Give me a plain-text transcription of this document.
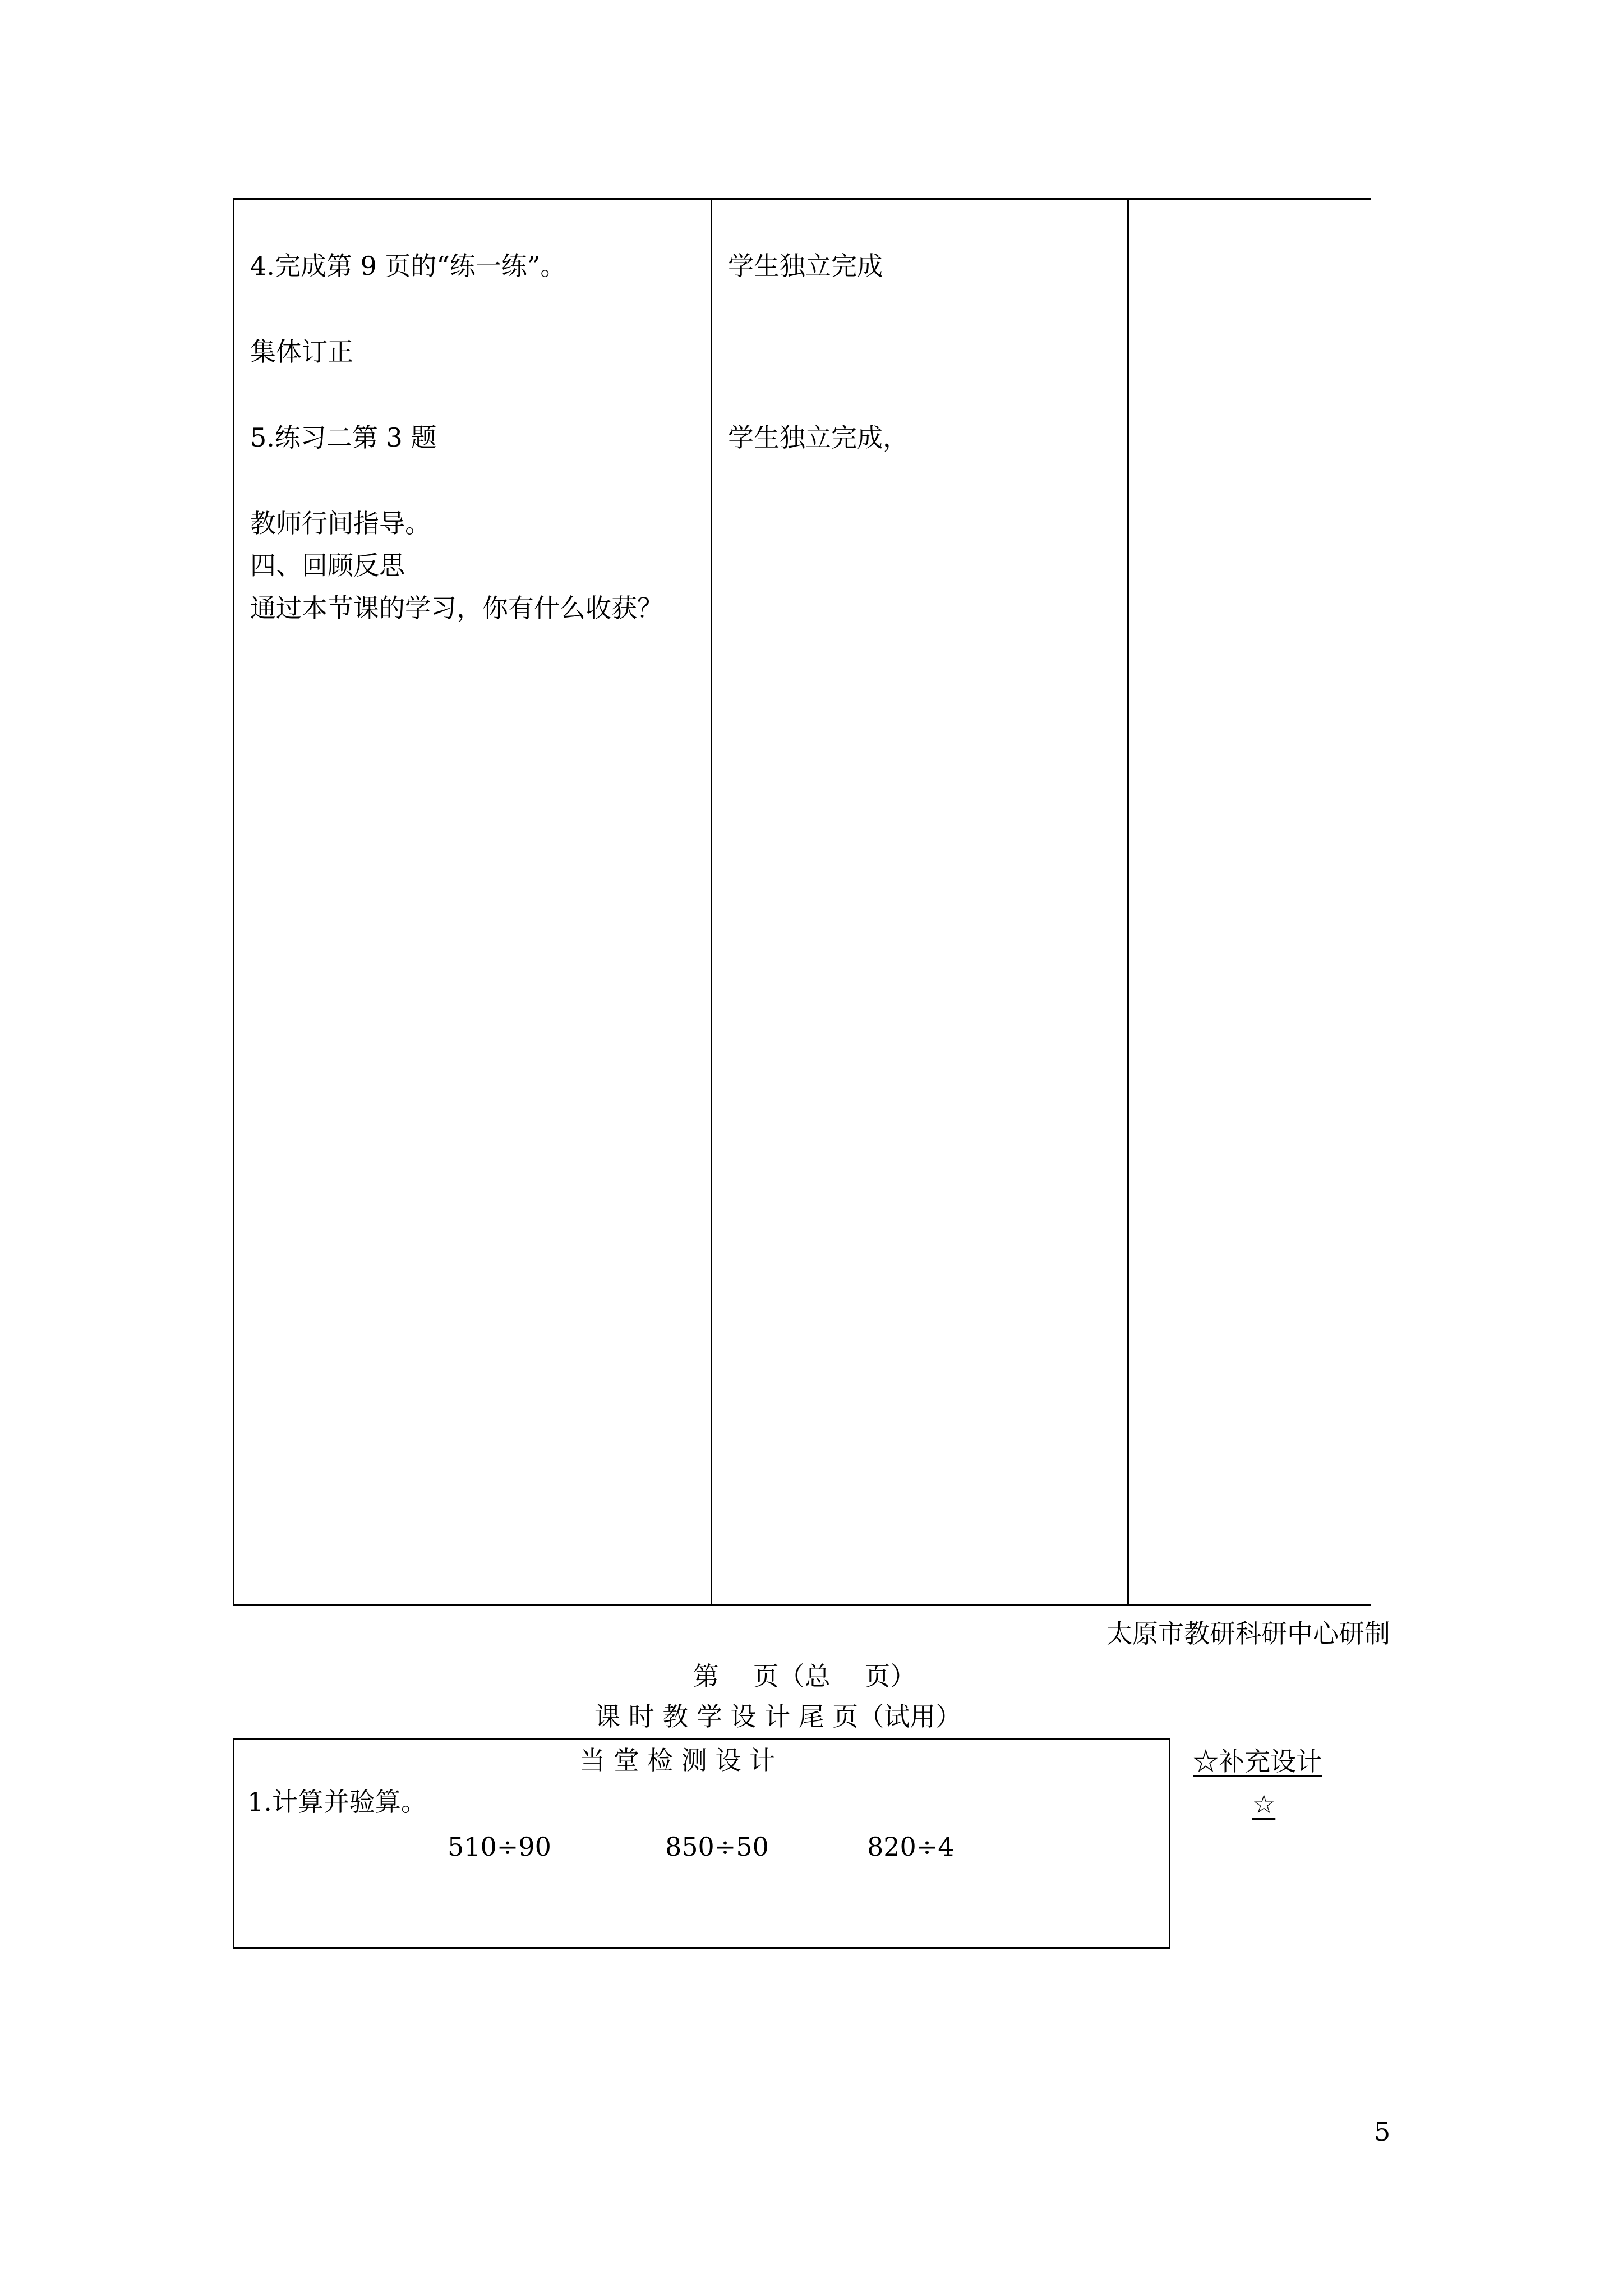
4.完成第 9 页的“练一练”。
集体订正
5.练习二第 3 题
教师行间指导。
四、回顾反思
通过本节课的学习，你有什么收获？
学生独立完成
学生独立完成，
太原市教研科研中心研制
第　 页（总　 页）
课 时 教 学 设 计 尾 页（试用）
当 堂 检 测 设 计
1.计算并验算。
510÷90	850÷50	820÷4
☆补充设计
☆
5
